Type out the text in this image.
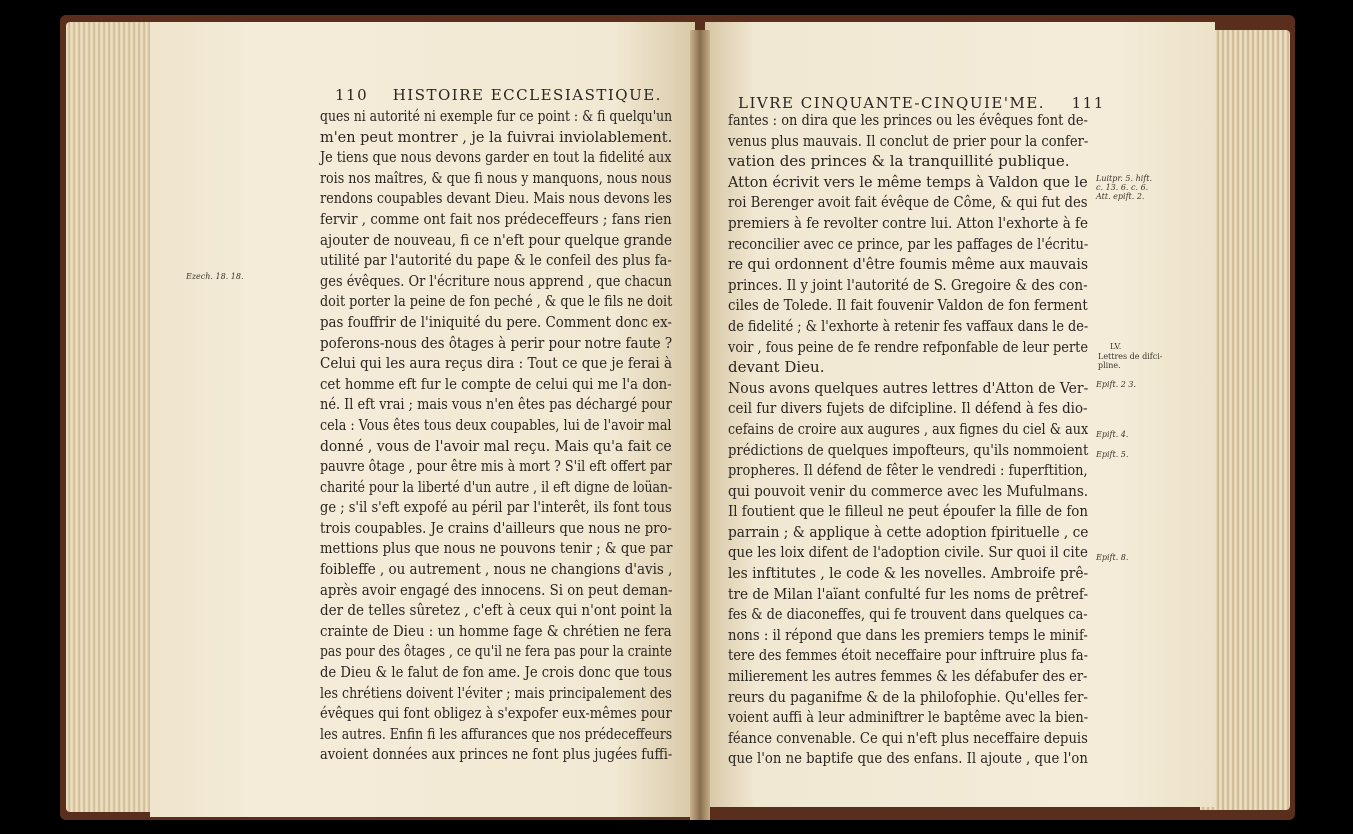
110 HISTOIRE ECCLESIASTIQUE.
ques ni autorité ni exemple fur ce point : & fi quelqu'un
m'en peut montrer , je la fuivrai inviolablement.
Je tiens que nous devons garder en tout la fidelité aux
rois nos maîtres, & que fi nous y manquons, nous nous
rendons coupables devant Dieu. Mais nous devons les
fervir , comme ont fait nos prédeceffeurs ; fans rien
ajouter de nouveau, fi ce n'eft pour quelque grande
utilité par l'autorité du pape & le confeil des plus fa-
ges évêques. Or l'écriture nous apprend , que chacun
doit porter la peine de fon peché , & que le fils ne doit
pas fouffrir de l'iniquité du pere. Comment donc ex-
poferons-nous des ôtages à perir pour notre faute ?
Celui qui les aura reçus dira : Tout ce que je ferai à
cet homme eft fur le compte de celui qui me l'a don-
né. Il eft vrai ; mais vous n'en êtes pas déchargé pour
cela : Vous êtes tous deux coupables, lui de l'avoir mal
donné , vous de l'avoir mal reçu. Mais qu'a fait ce
pauvre ôtage , pour être mis à mort ? S'il eft offert par
charité pour la liberté d'un autre , il eft digne de loüan-
ge ; s'il s'eft expofé au péril par l'interêt, ils font tous
trois coupables. Je crains d'ailleurs que nous ne pro-
mettions plus que nous ne pouvons tenir ; & que par
foibleffe , ou autrement , nous ne changions d'avis ,
après avoir engagé des innocens. Si on peut deman-
der de telles sûretez , c'eft à ceux qui n'ont point la
crainte de Dieu : un homme fage & chrétien ne fera
pas pour des ôtages , ce qu'il ne fera pas pour la crainte
de Dieu & le falut de fon ame. Je crois donc que tous
les chrétiens doivent l'éviter ; mais principalement des
évêques qui font obligez à s'expofer eux-mêmes pour
les autres. Enfin fi les affurances que nos prédeceffeurs
avoient données aux princes ne font plus jugées fuffi-
Ezech. 18. 18.
LIVRE CINQUANTE-CINQUIE'ME. 111
fantes : on dira que les princes ou les évêques font de-
venus plus mauvais. Il conclut de prier pour la confer-
vation des princes & la tranquillité publique.
Atton écrivit vers le même temps à Valdon que le
roi Berenger avoit fait évêque de Côme, & qui fut des
premiers à fe revolter contre lui. Atton l'exhorte à fe
reconcilier avec ce prince, par les paffages de l'écritu-
re qui ordonnent d'être foumis même aux mauvais
princes. Il y joint l'autorité de S. Gregoire & des con-
ciles de Tolede. Il fait fouvenir Valdon de fon ferment
de fidelité ; & l'exhorte à retenir fes vaffaux dans le de-
voir , fous peine de fe rendre refponfable de leur perte
devant Dieu.
Nous avons quelques autres lettres d'Atton de Ver-
ceil fur divers fujets de difcipline. Il défend à fes dio-
cefains de croire aux augures , aux fignes du ciel & aux
prédictions de quelques impofteurs, qu'ils nommoient
propheres. Il défend de fêter le vendredi : fuperftition,
qui pouvoit venir du commerce avec les Mufulmans.
Il foutient que le filleul ne peut époufer la fille de fon
parrain ; & applique à cette adoption fpirituelle , ce
que les loix difent de l'adoption civile. Sur quoi il cite
les inftitutes , le code & les novelles. Ambroife prê-
tre de Milan l'aïant confulté fur les noms de prêtref-
fes & de diaconeffes, qui fe trouvent dans quelques ca-
nons : il répond que dans les premiers temps le minif-
tere des femmes étoit neceffaire pour inftruire plus fa-
milierement les autres femmes & les défabufer des er-
reurs du paganifme & de la philofophie. Qu'elles fer-
voient auffi à leur adminiftrer le baptême avec la bien-
féance convenable. Ce qui n'eft plus neceffaire depuis
que l'on ne baptife que des enfans. Il ajoute , que l'on
Luitpr. 5. hift.
c. 13. 6. c. 6.
Att. epift. 2.
LV.
Lettres de difci-
pline.
Epift. 2 3.
Epift. 4.
Epift. 5.
Epift. 8.
